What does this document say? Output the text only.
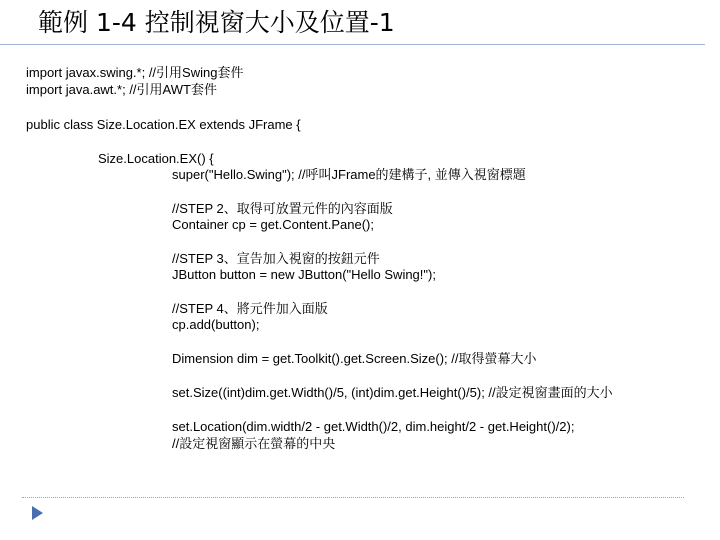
範例 1-4 控制視窗大小及位置-1
import javax.swing.*; //引用Swing套件
import java.awt.*; //引用AWT套件
public class Size.Location.EX extends JFrame {
Size.Location.EX() {
super("Hello.Swing"); //呼叫JFrame的建構子, 並傳入視窗標題
//STEP 2、取得可放置元件的內容面版
Container cp = get.Content.Pane();
//STEP 3、宣告加入視窗的按鈕元件
JButton button = new JButton("Hello Swing!");
//STEP 4、將元件加入面版
cp.add(button);
Dimension dim = get.Toolkit().get.Screen.Size(); //取得螢幕大小
set.Size((int)dim.get.Width()/5, (int)dim.get.Height()/5); //設定視窗畫面的大小
set.Location(dim.width/2 - get.Width()/2, dim.height/2 - get.Height()/2);
//設定視窗顯示在螢幕的中央
